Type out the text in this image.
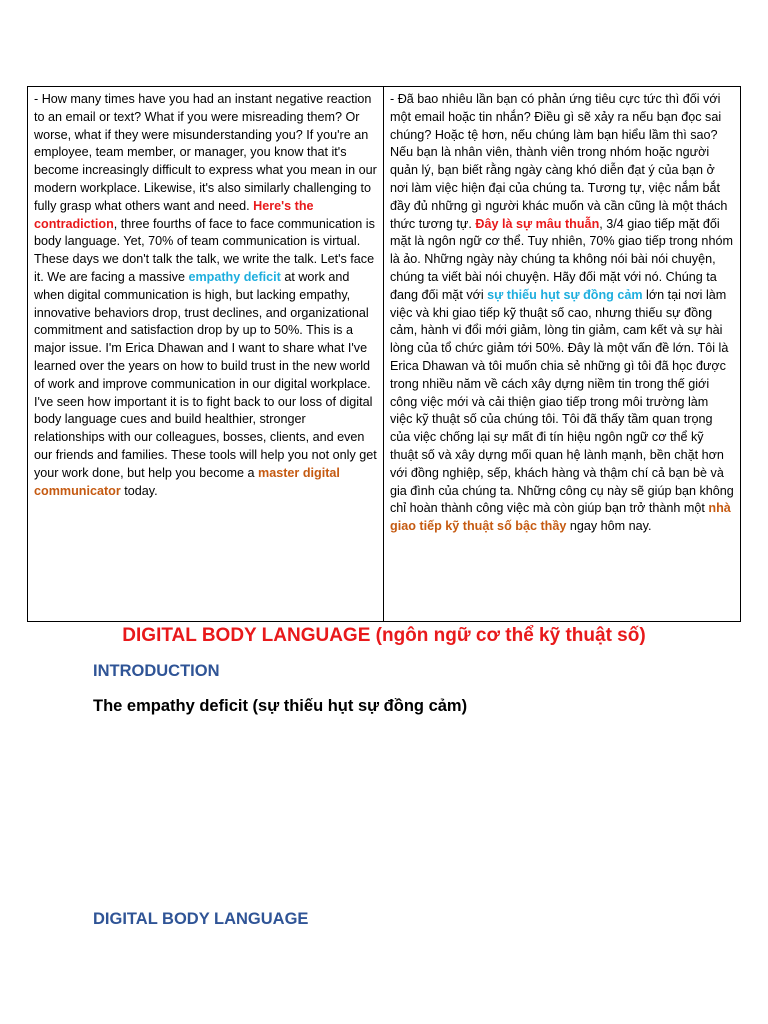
- How many times have you had an instant negative reaction to an email or text? What if you were misreading them? Or worse, what if they were misunderstanding you? If you're an employee, team member, or manager, you know that it's become increasingly difficult to express what you mean in our modern workplace. Likewise, it's also similarly challenging to fully grasp what others want and need. Here's the contradiction, three fourths of face to face communication is body language. Yet, 70% of team communication is virtual. These days we don't talk the talk, we write the talk. Let's face it. We are facing a massive empathy deficit at work and when digital communication is high, but lacking empathy, innovative behaviors drop, trust declines, and organizational commitment and satisfaction drop by up to 50%. This is a major issue. I'm Erica Dhawan and I want to share what I've learned over the years on how to build trust in the new world of work and improve communication in our digital workplace. I've seen how important it is to fight back to our loss of digital body language cues and build healthier, stronger relationships with our colleagues, bosses, clients, and even our friends and families. These tools will help you not only get your work done, but help you become a master digital communicator today.
- Đã bao nhiêu lần bạn có phản ứng tiêu cực tức thì đối với một email hoặc tin nhắn? Điều gì sẽ xảy ra nếu bạn đọc sai chúng? Hoặc tệ hơn, nếu chúng làm bạn hiểu lầm thì sao? Nếu bạn là nhân viên, thành viên trong nhóm hoặc người quản lý, bạn biết rằng ngày càng khó diễn đạt ý của bạn ở nơi làm việc hiện đại của chúng ta. Tương tự, việc nắm bắt đầy đủ những gì người khác muốn và cần cũng là một thách thức tương tự. Đây là sự mâu thuẫn, 3/4 giao tiếp mặt đối mặt là ngôn ngữ cơ thể. Tuy nhiên, 70% giao tiếp trong nhóm là ảo. Những ngày này chúng ta không nói bài nói chuyện, chúng ta viết bài nói chuyện. Hãy đối mặt với nó. Chúng ta đang đối mặt với sự thiếu hụt sự đồng cảm lớn tại nơi làm việc và khi giao tiếp kỹ thuật số cao, nhưng thiếu sự đồng cảm, hành vi đổi mới giảm, lòng tin giảm, cam kết và sự hài lòng của tổ chức giảm tới 50%. Đây là một vấn đề lớn. Tôi là Erica Dhawan và tôi muốn chia sẻ những gì tôi đã học được trong nhiều năm về cách xây dựng niềm tin trong thế giới công việc mới và cải thiện giao tiếp trong môi trường làm việc kỹ thuật số của chúng tôi. Tôi đã thấy tầm quan trọng của việc chống lại sự mất đi tín hiệu ngôn ngữ cơ thể kỹ thuật số và xây dựng mối quan hệ lành mạnh, bền chặt hơn với đồng nghiệp, sếp, khách hàng và thậm chí cả bạn bè và gia đình của chúng ta. Những công cụ này sẽ giúp bạn không chỉ hoàn thành công việc mà còn giúp bạn trở thành một nhà giao tiếp kỹ thuật số bậc thầy ngay hôm nay.
DIGITAL BODY LANGUAGE (ngôn ngữ cơ thể kỹ thuật số)
INTRODUCTION
The empathy deficit (sự thiếu hụt sự đồng cảm)
DIGITAL BODY LANGUAGE
